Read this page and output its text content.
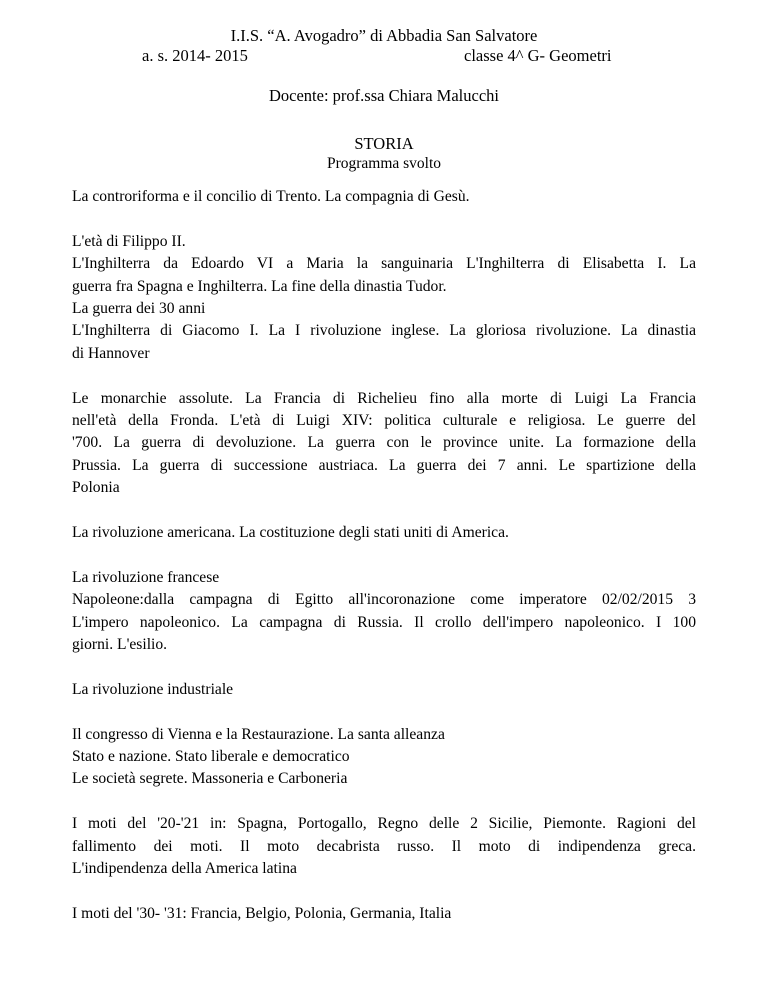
I.I.S. “A. Avogadro” di Abbadia San Salvatore

a. s. 2014- 2015	classe 4^ G- Geometri

Docente: prof.ssa Chiara Malucchi

STORIA

Programma svolto

La controriforma e il concilio di Trento. La compagnia di Gesù.

L'età di Filippo II.
L'Inghilterra da Edoardo VI a Maria la sanguinaria L'Inghilterra di Elisabetta I. La
guerra fra Spagna e Inghilterra. La fine della dinastia Tudor.
La guerra dei 30 anni
L'Inghilterra di Giacomo I. La I rivoluzione inglese. La gloriosa rivoluzione. La dinastia
di Hannover

Le monarchie assolute. La Francia di Richelieu fino alla morte di Luigi La Francia
nell'età della Fronda. L'età di Luigi XIV: politica culturale e religiosa. Le guerre del
'700. La guerra di devoluzione. La guerra con le province unite. La formazione della
Prussia. La guerra di successione austriaca. La guerra dei 7 anni. Le spartizione della
Polonia

La rivoluzione americana. La costituzione degli stati uniti di America.

La rivoluzione francese
Napoleone:dalla campagna di Egitto all'incoronazione come imperatore 02/02/2015 3
L'impero napoleonico. La campagna di Russia. Il crollo dell'impero napoleonico. I 100
giorni. L'esilio.

La rivoluzione industriale

Il congresso di Vienna e la Restaurazione. La santa alleanza
Stato e nazione. Stato liberale e democratico
Le società segrete. Massoneria e Carboneria

I moti del '20-'21 in: Spagna, Portogallo, Regno delle 2 Sicilie, Piemonte. Ragioni del
fallimento dei moti. Il moto decabrista russo. Il moto di indipendenza greca.
L'indipendenza della America latina

I moti del '30- '31: Francia, Belgio, Polonia, Germania, Italia
